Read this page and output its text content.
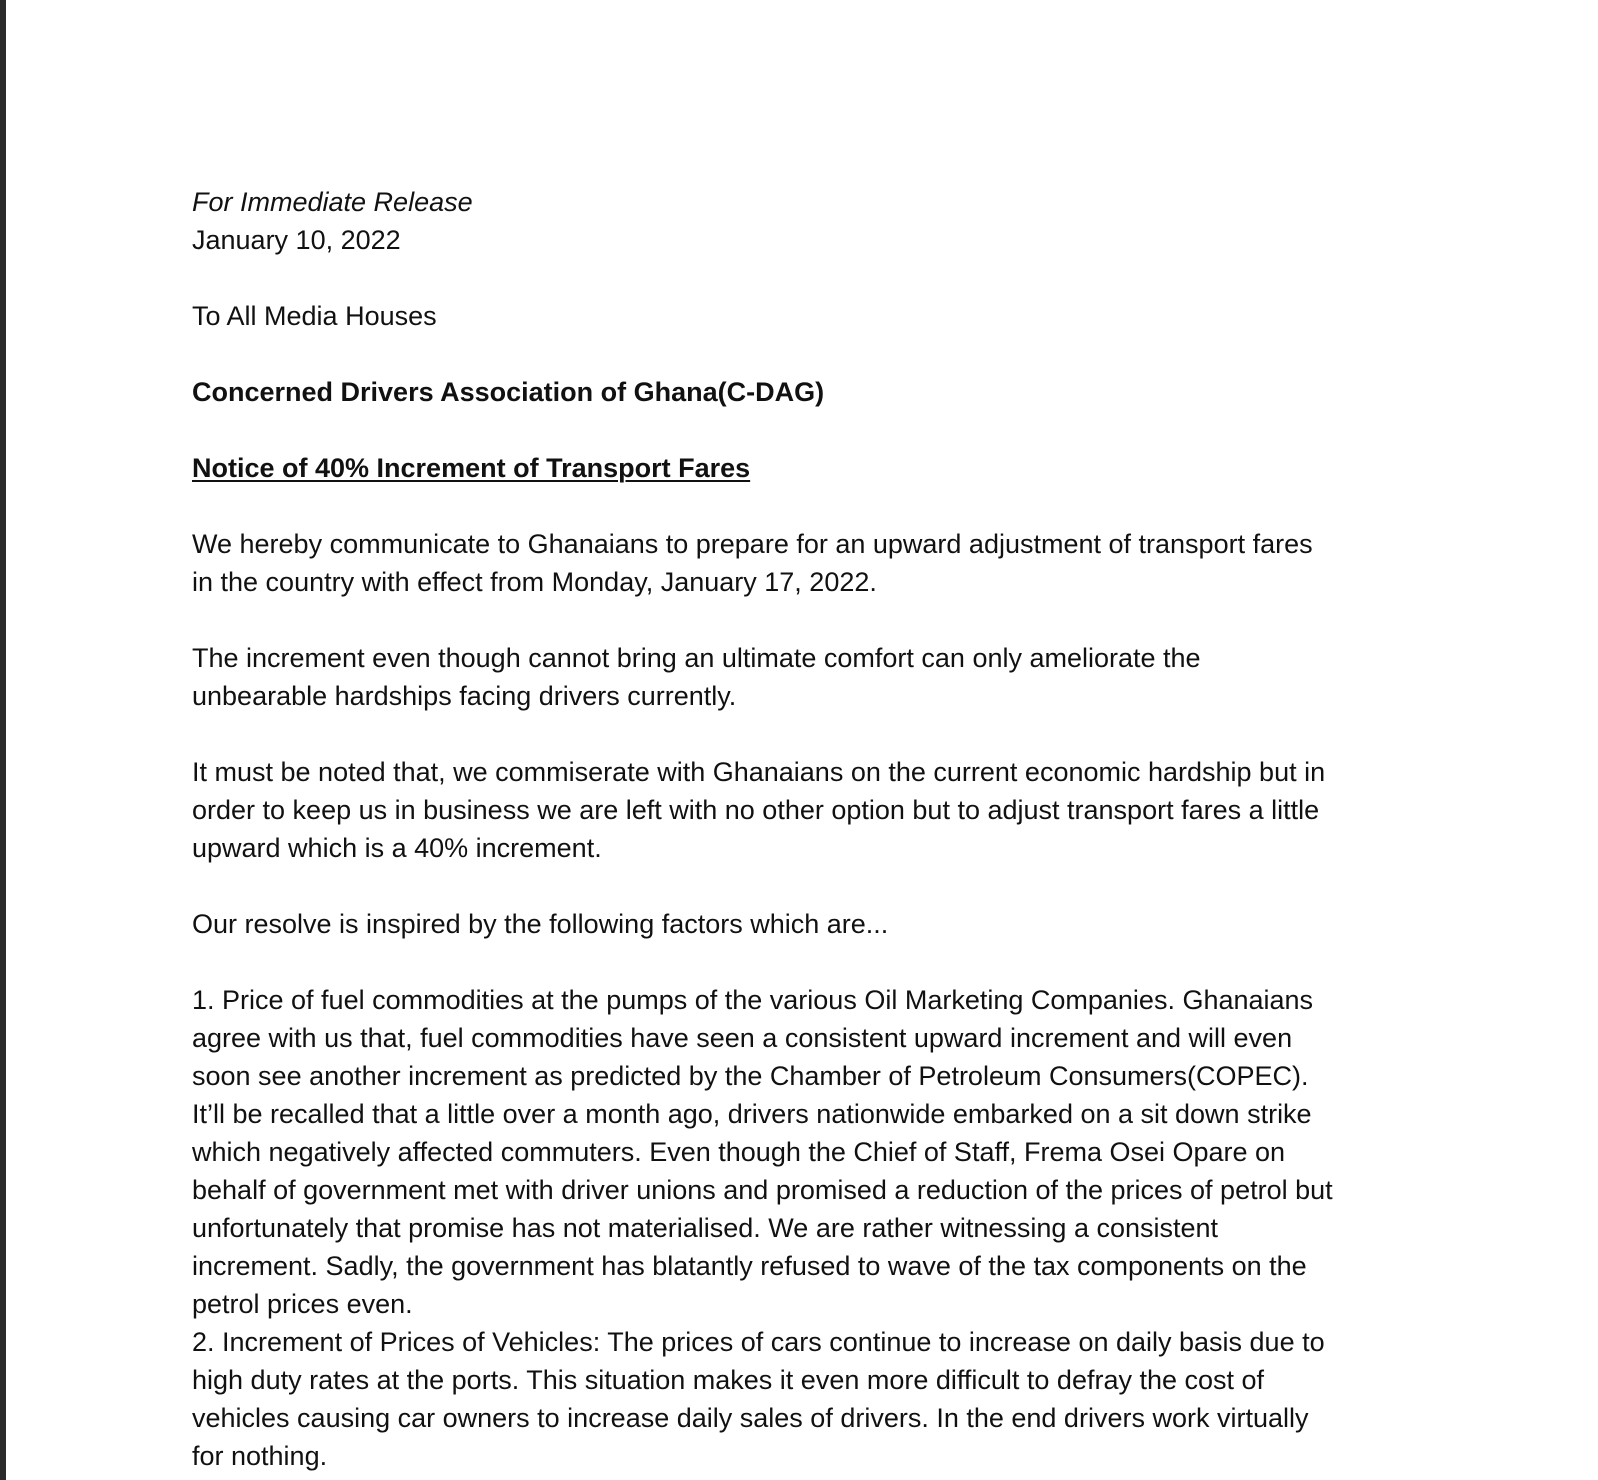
For Immediate Release
January 10, 2022
To All Media Houses
Concerned Drivers Association of Ghana(C-DAG)
Notice of 40% Increment of Transport Fares

We hereby communicate to Ghanaians to prepare for an upward adjustment of transport fares
in the country with effect from Monday, January 17, 2022.

The increment even though cannot bring an ultimate comfort can only ameliorate the
unbearable hardships facing drivers currently.

It must be noted that, we commiserate with Ghanaians on the current economic hardship but in
order to keep us in business we are left with no other option but to adjust transport fares a little
upward which is a 40% increment.

Our resolve is inspired by the following factors which are...

1. Price of fuel commodities at the pumps of the various Oil Marketing Companies. Ghanaians
agree with us that, fuel commodities have seen a consistent upward increment and will even
soon see another increment as predicted by the Chamber of Petroleum Consumers(COPEC).
It’ll be recalled that a little over a month ago, drivers nationwide embarked on a sit down strike
which negatively affected commuters. Even though the Chief of Staff, Frema Osei Opare on
behalf of government met with driver unions and promised a reduction of the prices of petrol but
unfortunately that promise has not materialised. We are rather witnessing a consistent
increment. Sadly, the government has blatantly refused to wave of the tax components on the
petrol prices even.

2. Increment of Prices of Vehicles: The prices of cars continue to increase on daily basis due to
high duty rates at the ports. This situation makes it even more difficult to defray the cost of
vehicles causing car owners to increase daily sales of drivers. In the end drivers work virtually
for nothing.
